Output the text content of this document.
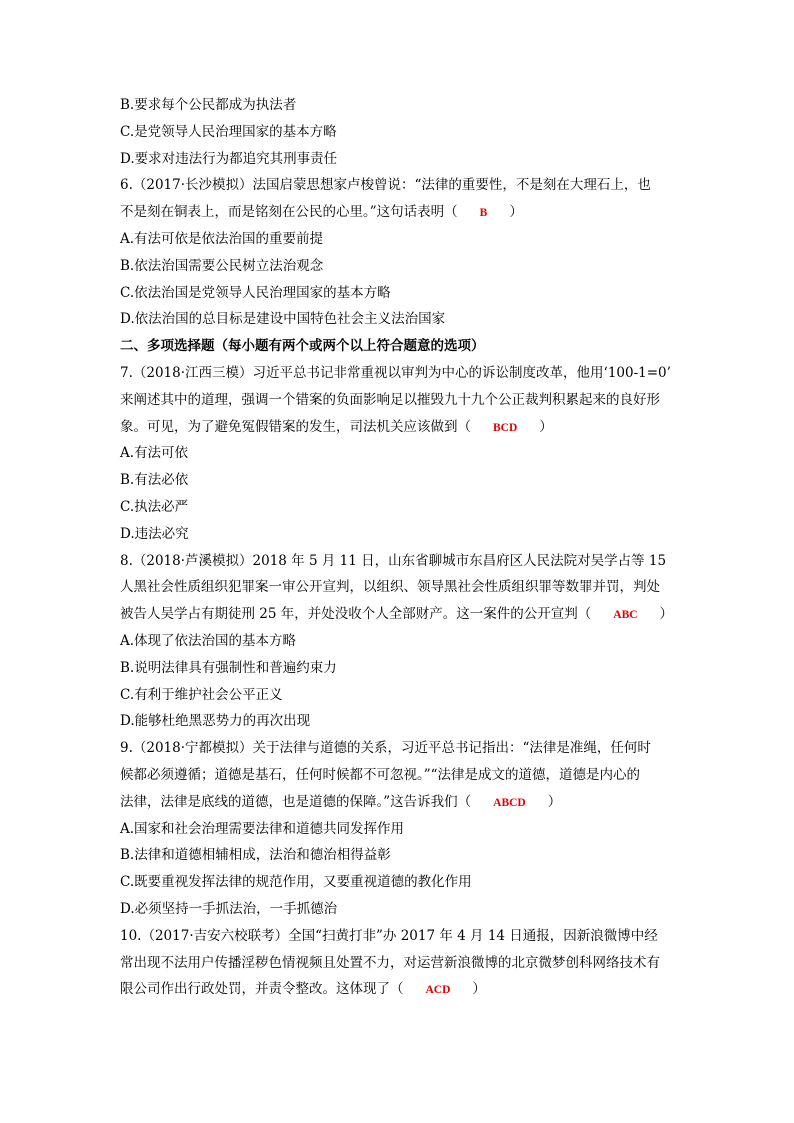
B.要求每个公民都成为执法者
C.是党领导人民治理国家的基本方略
D.要求对违法行为都追究其刑事责任
6.（2017·长沙模拟）法国启蒙思想家卢梭曾说：“法律的重要性，不是刻在大理石上，也
不是刻在铜表上，而是铭刻在公民的心里。”这句话表明（ B ）
A.有法可依是依法治国的重要前提
B.依法治国需要公民树立法治观念
C.依法治国是党领导人民治理国家的基本方略
D.依法治国的总目标是建设中国特色社会主义法治国家
二、多项选择题（每小题有两个或两个以上符合题意的选项）
7.（2018·江西三模）习近平总书记非常重视以审判为中心的诉讼制度改革，他用‘100-1=0’
来阐述其中的道理，强调一个错案的负面影响足以摧毁九十九个公正裁判积累起来的良好形
象。可见，为了避免冤假错案的发生，司法机关应该做到（ BCD ）
A.有法可依
B.有法必依
C.执法必严
D.违法必究
8.（2018·芦溪模拟）2018 年 5 月 11 日，山东省聊城市东昌府区人民法院对吴学占等 15
人黑社会性质组织犯罪案一审公开宣判，以组织、领导黑社会性质组织罪等数罪并罚，判处
被告人吴学占有期徒刑 25 年，并处没收个人全部财产。这一案件的公开宣判（ ABC ）
A.体现了依法治国的基本方略
B.说明法律具有强制性和普遍约束力
C.有利于维护社会公平正义
D.能够杜绝黑恶势力的再次出现
9.（2018·宁都模拟）关于法律与道德的关系，习近平总书记指出：“法律是准绳，任何时
候都必须遵循；道德是基石，任何时候都不可忽视。”“法律是成文的道德，道德是内心的
法律，法律是底线的道德，也是道德的保障。”这告诉我们（ ABCD ）
A.国家和社会治理需要法律和道德共同发挥作用
B.法律和道德相辅相成，法治和德治相得益彰
C.既要重视发挥法律的规范作用，又要重视道德的教化作用
D.必须坚持一手抓法治，一手抓德治
10.（2017·吉安六校联考）全国“扫黄打非”办 2017 年 4 月 14 日通报，因新浪微博中经
常出现不法用户传播淫秽色情视频且处置不力，对运营新浪微博的北京微梦创科网络技术有
限公司作出行政处罚，并责令整改。这体现了（ ACD ）
